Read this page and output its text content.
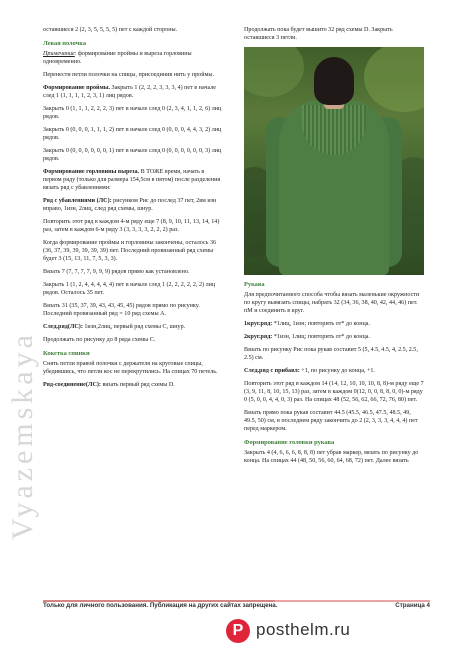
Vyazemskaya

оставшиеся 2 (2, 3, 5, 5, 5, 5) пет с каждой стороны.

Левая полочка

Примечание: формирование проймы и выреза горловины одновременно.

Перенести петли полочки на спицы, присоединив нить у проймы.

Формирование проймы. Закрыть 1 (2, 2, 2, 3, 3, 3, 4) пет в начале след 1 (1, 1, 1, 1, 2, 3, 1) лиц рядов.

Закрыть 0 (1, 1, 1, 2, 2, 2, 3) пет в начале след 0 (2, 3, 4, 1, 1, 2, 6) лиц рядов.

Закрыть 0 (0, 0, 0, 1, 1, 1, 2) пет в начале след 0 (0, 0, 0, 4, 4, 3, 2) лиц рядов.

Закрыть 0 (0, 0, 0, 0, 0, 0, 1) пет в начале след 0 (0, 0, 0, 0, 0, 0, 3) лиц рядов.

Формирование горловины выреза. В ТОЖЕ время, начать в первом ряду (только для размера 154,5см в пятом) после разделения вязать ряд с убавлениями:

Ряд с убавлениями (ЛС): рисунком Рис до послед 37 пет, 2вм изн вправо, 1изн, 2лиц, след ряд схемы, шнур.

Повторить этот ряд в каждом 4-м ряду еще 7 (8, 9, 10, 11, 13, 14, 14) раз, затем в каждом 6-м ряду 3 (3, 3, 3, 3, 2, 2, 2) раз.

Когда формирование проймы и горловины закончены, осталось 36 (36, 37, 39, 39, 39, 39, 39) пет. Последний провязанный ряд схемы будет 3 (15, 13, 11, 7, 5, 3, 3).

Вязать 7 (7, 7, 7, 7, 9, 9, 9) рядов прямо как установлено.

Закрыть 1 (1, 2, 4, 4, 4, 4, 4) пет в начале след 1 (2, 2, 2, 2, 2, 2) лиц рядов. Осталось 35 пет.

Вязать 31 (35, 37, 39, 43, 43, 45, 45) рядов прямо по рисунку. Последний провязанный ряд = 10 ряд схемы A.

След.ряд(ЛС): 1изн,2лиц, первый ряд схемы C, шнур.

Продолжать по рисунку до 8 ряда схемы C.

Кокетка спинки

Снять петли правой полочки с держателя на круговые спицы, убедившись, что петли кос не перекрутились. На спицах 70 петель.

Ряд-соединение(ЛС): вязать первый ряд схемы D.

Продолжать пока будет вышито 32 ряд схемы D. Закрыть оставшиеся 3 петли.

Рукава

Для предпочитаемого способа чтобы вязать маленькие окружности по кругу вывязать спицы, набрать 32 (34, 36, 38, 40, 42, 44, 46) пет. пМ и соединить в круг.

1круг.ряд: *1лиц, 1изн; повторить от* до конца.

2круг.ряд: *1изн, 1лиц; повторить от* до конца.

Вязать по рисунку Рис пока рукав составит 5 (5, 4.5, 4.5, 4, 2.5, 2.5, 2.5) см.

След.ряд с прибавл: +1, по рисунку до конца, +1.

Повторить этот ряд в каждом 14 (14, 12, 10, 10, 10, 8, 8)-м ряду еще 7 (3, 9, 11, 8, 10, 15, 13) раз, затем в каждом 0(12, 0, 0, 8, 8, 0, 0)-м ряду 0 (5, 0, 0, 4, 4, 0, 3) раз. На спицах 48 (52, 56, 62, 66, 72, 76, 80) пет.

Вязать прямо пока рукав составит 44.5 (45.5, 46.5, 47.5, 48.5, 49, 49.5, 50) см, в последнем ряду закончить до 2 (2, 3, 3, 3, 4, 4, 4) пет перед маркером.

Формирование головки рукава

Закрыть 4 (4, 6, 6, 6, 8, 8, 8) пет убрав маркер, вязать по рисунку до конца. На спицах 44 (48, 50, 56, 60, 64, 68, 72) пет. Далее вязать

Только для личного пользования. Публикация на других сайтах запрещена.	Страница 4
P posthelm.ru
